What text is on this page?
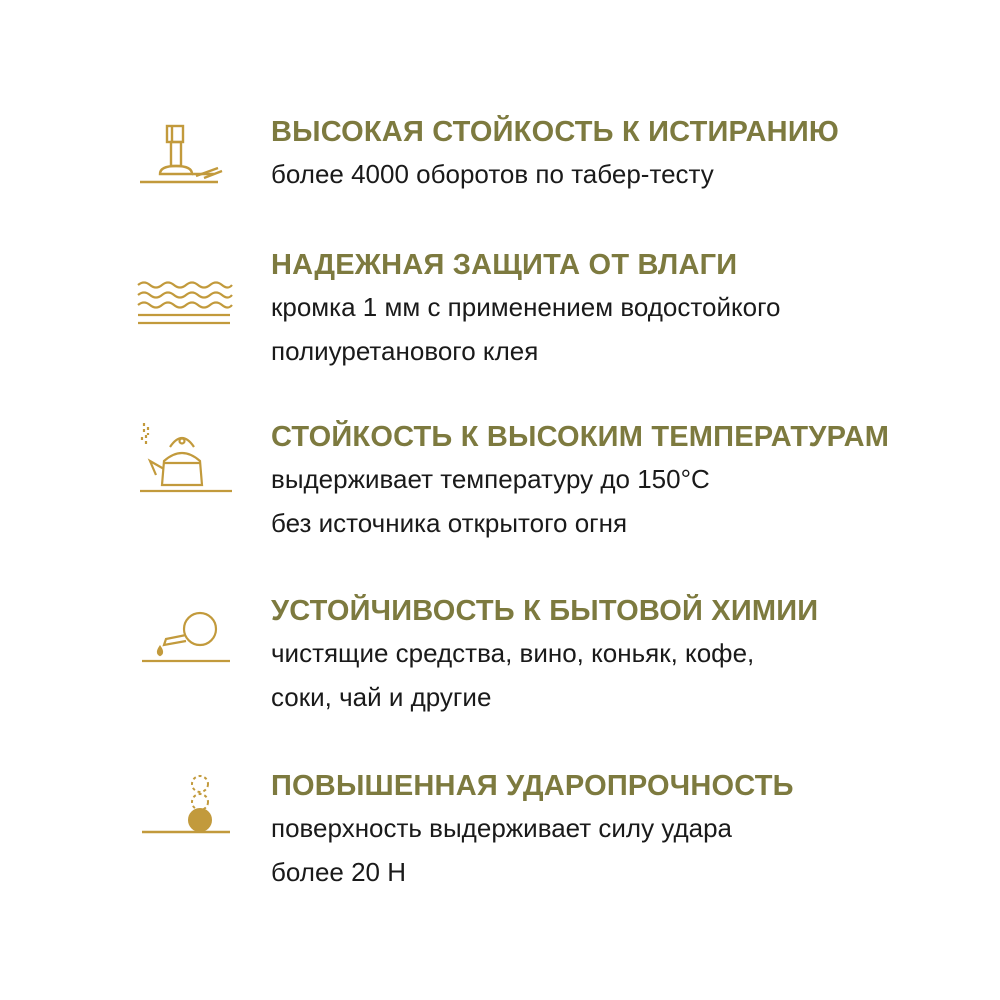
ВЫСОКАЯ СТОЙКОСТЬ К ИСТИРАНИЮ
более 4000 оборотов по табер-тесту
НАДЕЖНАЯ ЗАЩИТА ОТ ВЛАГИ
кромка 1 мм с применением водостойкого
полиуретанового клея
СТОЙКОСТЬ К ВЫСОКИМ ТЕМПЕРАТУРАМ
выдерживает температуру до 150°С
без источника открытого огня
УСТОЙЧИВОСТЬ К БЫТОВОЙ ХИМИИ
чистящие средства, вино, коньяк, кофе,
соки, чай и другие
ПОВЫШЕННАЯ УДАРОПРОЧНОСТЬ
поверхность выдерживает силу удара
более 20 Н
